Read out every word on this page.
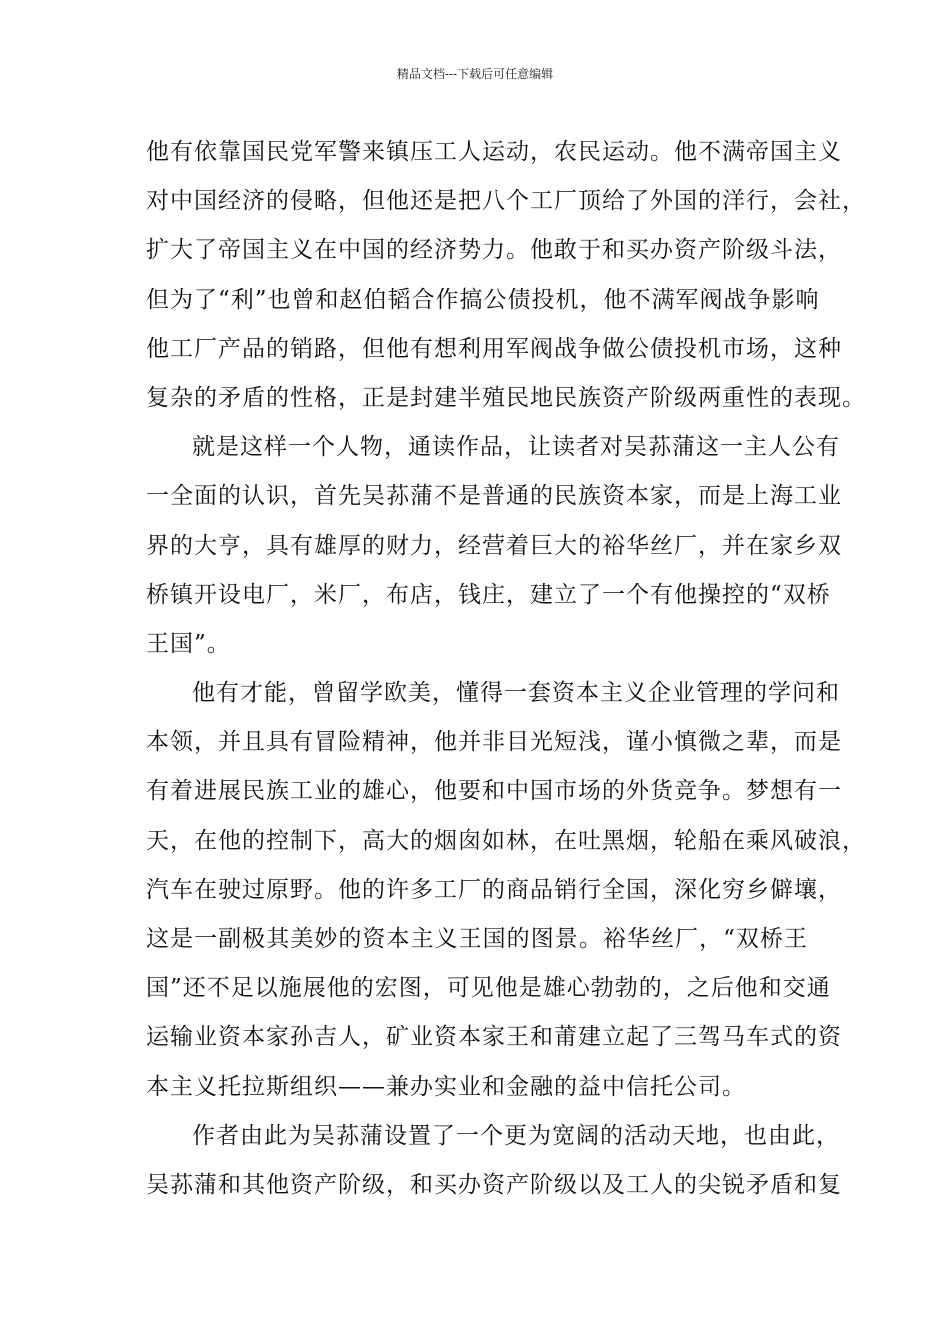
精品文档---下载后可任意编辑
他有依靠国民党军警来镇压工人运动，农民运动。他不满帝国主义
对中国经济的侵略，但他还是把八个工厂顶给了外国的洋行，会社，
扩大了帝国主义在中国的经济势力。他敢于和买办资产阶级斗法，
但为了“利”也曾和赵伯韬合作搞公债投机，他不满军阀战争影响
他工厂产品的销路，但他有想利用军阀战争做公债投机市场，这种
复杂的矛盾的性格，正是封建半殖民地民族资产阶级两重性的表现。
就是这样一个人物，通读作品，让读者对吴荪蒲这一主人公有
一全面的认识，首先吴荪蒲不是普通的民族资本家，而是上海工业
界的大亨，具有雄厚的财力，经营着巨大的裕华丝厂，并在家乡双
桥镇开设电厂，米厂，布店，钱庄，建立了一个有他操控的“双桥
王国”。
他有才能，曾留学欧美，懂得一套资本主义企业管理的学问和
本领，并且具有冒险精神，他并非目光短浅，谨小慎微之辈，而是
有着进展民族工业的雄心，他要和中国市场的外货竞争。梦想有一
天，在他的控制下，高大的烟囱如林，在吐黑烟，轮船在乘风破浪，
汽车在驶过原野。他的许多工厂的商品销行全国，深化穷乡僻壤，
这是一副极其美妙的资本主义王国的图景。裕华丝厂，“双桥王
国”还不足以施展他的宏图，可见他是雄心勃勃的，之后他和交通
运输业资本家孙吉人，矿业资本家王和莆建立起了三驾马车式的资
本主义托拉斯组织——兼办实业和金融的益中信托公司。
作者由此为吴荪蒲设置了一个更为宽阔的活动天地，也由此，
吴荪蒲和其他资产阶级，和买办资产阶级以及工人的尖锐矛盾和复
